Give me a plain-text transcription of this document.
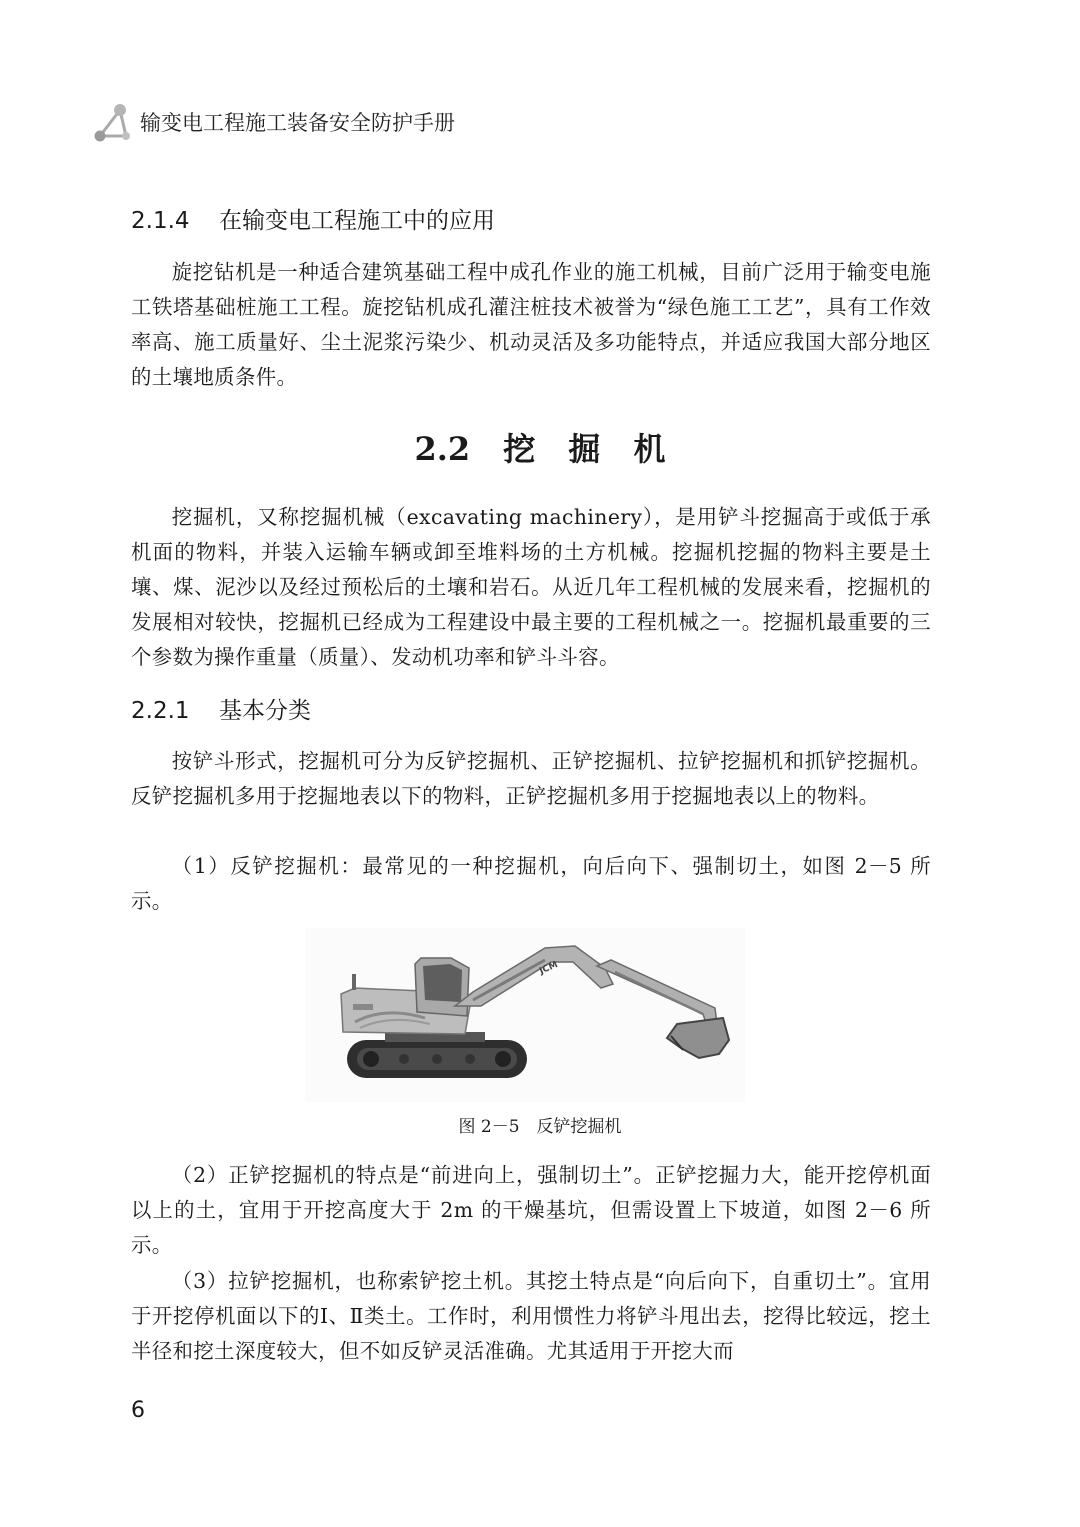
输变电工程施工装备安全防护手册
2.1.4 在输变电工程施工中的应用
旋挖钻机是一种适合建筑基础工程中成孔作业的施工机械，目前广泛用于输变电施工铁塔基础桩施工工程。旋挖钻机成孔灌注桩技术被誉为“绿色施工工艺”，具有工作效率高、施工质量好、尘土泥浆污染少、机动灵活及多功能特点，并适应我国大部分地区的土壤地质条件。
2.2 挖 掘 机
挖掘机，又称挖掘机械（excavating machinery），是用铲斗挖掘高于或低于承机面的物料，并装入运输车辆或卸至堆料场的土方机械。挖掘机挖掘的物料主要是土壤、煤、泥沙以及经过预松后的土壤和岩石。从近几年工程机械的发展来看，挖掘机的发展相对较快，挖掘机已经成为工程建设中最主要的工程机械之一。挖掘机最重要的三个参数为操作重量（质量）、发动机功率和铲斗斗容。
2.2.1 基本分类
按铲斗形式，挖掘机可分为反铲挖掘机、正铲挖掘机、拉铲挖掘机和抓铲挖掘机。反铲挖掘机多用于挖掘地表以下的物料，正铲挖掘机多用于挖掘地表以上的物料。
（1）反铲挖掘机：最常见的一种挖掘机，向后向下、强制切土，如图 2－5 所示。
JCM
图 2－5　反铲挖掘机
（2）正铲挖掘机的特点是“前进向上，强制切土”。正铲挖掘力大，能开挖停机面以上的土，宜用于开挖高度大于 2m 的干燥基坑，但需设置上下坡道，如图 2－6 所示。
（3）拉铲挖掘机，也称索铲挖土机。其挖土特点是“向后向下，自重切土”。宜用于开挖停机面以下的Ⅰ、Ⅱ类土。工作时，利用惯性力将铲斗甩出去，挖得比较远，挖土半径和挖土深度较大，但不如反铲灵活准确。尤其适用于开挖大而
6
